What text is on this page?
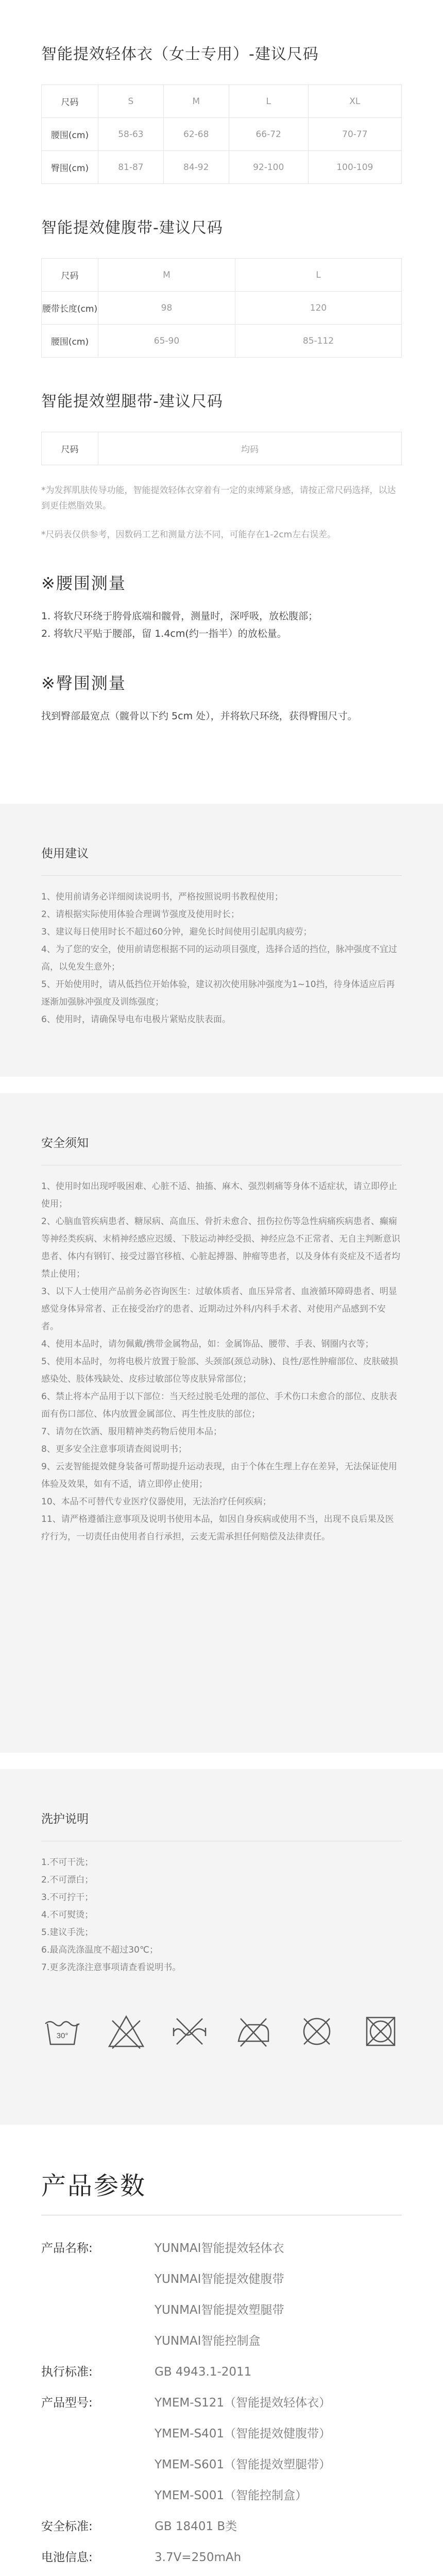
智能提效轻体衣（女士专用）-建议尺码
尺码	S	M	L	XL
腰围(cm)	58-63	62-68	66-72	70-77
臀围(cm)	81-87	84-92	92-100	100-109
智能提效健腹带-建议尺码
尺码	M	L
腰带长度(cm)	98	120
腰围(cm)	65-90	85-112
智能提效塑腿带-建议尺码
尺码	均码
*为发挥肌肤传导功能，智能提效轻体衣穿着有一定的束缚紧身感，请按正常尺码选择，以达到更佳燃脂效果。
*尺码表仅供参考，因数码工艺和测量方法不同，可能存在1-2cm左右误差。
※腰围测量
1. 将软尺环绕于胯骨底端和髋骨，测量时，深呼吸，放松腹部；
2. 将软尺平贴于腰部，留 1.4cm(约一指半）的放松量。
※臀围测量
找到臀部最宽点（髋骨以下约 5cm 处），并将软尺环绕，获得臀围尺寸。
使用建议
1、使用前请务必详细阅读说明书，严格按照说明书教程使用；
2、请根据实际使用体验合理调节强度及使用时长；
3、建议每日使用时长不超过60分钟，避免长时间使用引起肌肉疲劳；
4、为了您的安全，使用前请您根据不同的运动项目强度，选择合适的挡位，脉冲强度不宜过高，以免发生意外；
5、开始使用时，请从低挡位开始体验，建议初次使用脉冲强度为1~10挡，待身体适应后再逐渐加强脉冲强度及训练强度；
6、使用时，请确保导电布电极片紧贴皮肤表面。
安全须知
1、使用时如出现呼吸困难、心脏不适、抽搐、麻木、强烈刺痛等身体不适症状，请立即停止使用；
2、心脑血管疾病患者、糖尿病、高血压、骨折未愈合、扭伤拉伤等急性病痛疾病患者、癫痫等神经类疾病、末梢神经感应迟缓、下肢运动神经受损、神经应急不正常者、无自主判断意识患者、体内有钢钉、接受过器官移植、心脏起搏器、肿瘤等患者，以及身体有炎症及不适者均禁止使用；
3、以下人士使用产品前务必咨询医生：过敏体质者、血压异常者、血液循环障碍患者、明显感觉身体异常者、正在接受治疗的患者、近期动过外科/内科手术者、对使用产品感到不安者。
4、使用本品时，请勿佩戴/携带金属物品，如：金属饰品、腰带、手表、钢圈内衣等；
5、使用本品时，勿将电极片放置于脸部、头颈部(颈总动脉)、良性/恶性肿瘤部位、皮肤破损感染处、肢体残缺处、皮疹过敏部位等皮肤异常部位；
6、禁止将本产品用于以下部位：当天经过脱毛处理的部位、手术伤口未愈合的部位、皮肤表面有伤口部位、体内放置金属部位、再生性皮肤的部位；
7、请勿在饮酒、服用精神类药物后使用本品；
8、更多安全注意事项请查阅说明书；
9、云麦智能提效健身装备可帮助提升运动表现，由于个体在生理上存在差异，无法保证使用体验及效果，如有不适，请立即停止使用；
10、本品不可替代专业医疗仪器使用，无法治疗任何疾病；
11、请严格遵循注意事项及说明书使用本品，如因自身疾病或使用不当，出现不良后果及医疗行为，一切责任由使用者自行承担，云麦无需承担任何赔偿及法律责任。
洗护说明
1.不可干洗；
2.不可漂白；
3.不可拧干；
4.不可熨烫；
5.建议手洗；
6.最高洗涤温度不超过30℃；
7.更多洗涤注意事项请查看说明书。
30°
产品参数
产品名称:	YUNMAI智能提效轻体衣
YUNMAI智能提效健腹带
YUNMAI智能提效塑腿带
YUNMAI智能控制盒
执行标准:	GB 4943.1-2011
产品型号:	YMEM-S121（智能提效轻体衣）
YMEM-S401（智能提效健腹带）
YMEM-S601（智能提效塑腿带）
YMEM-S001（智能控制盒）
安全标准:	GB 18401 B类
电池信息:	3.7V=250mAh
